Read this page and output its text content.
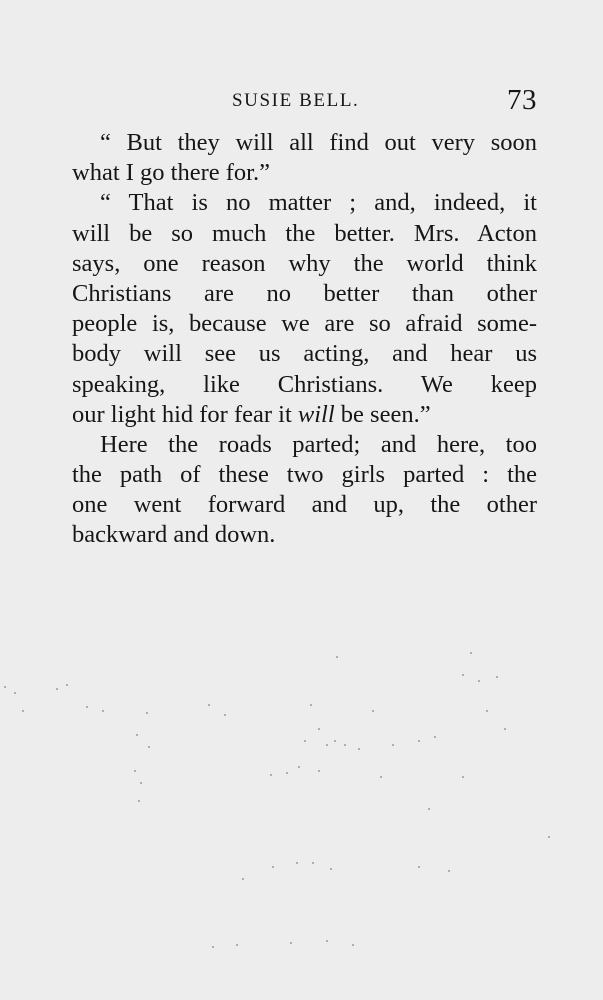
SUSIE BELL.	73

“ But they will all find out very soon
what I go there for.”

“ That is no matter ; and, indeed, it
will be so much the better. Mrs. Acton
says, one reason why the world think
Christians are no better than other
people is, because we are so afraid some-
body will see us acting, and hear us
speaking, like Christians. We keep
our light hid for fear it will be seen.”

Here the roads parted; and here, too
the path of these two girls parted : the
one went forward and up, the other
backward and down.
